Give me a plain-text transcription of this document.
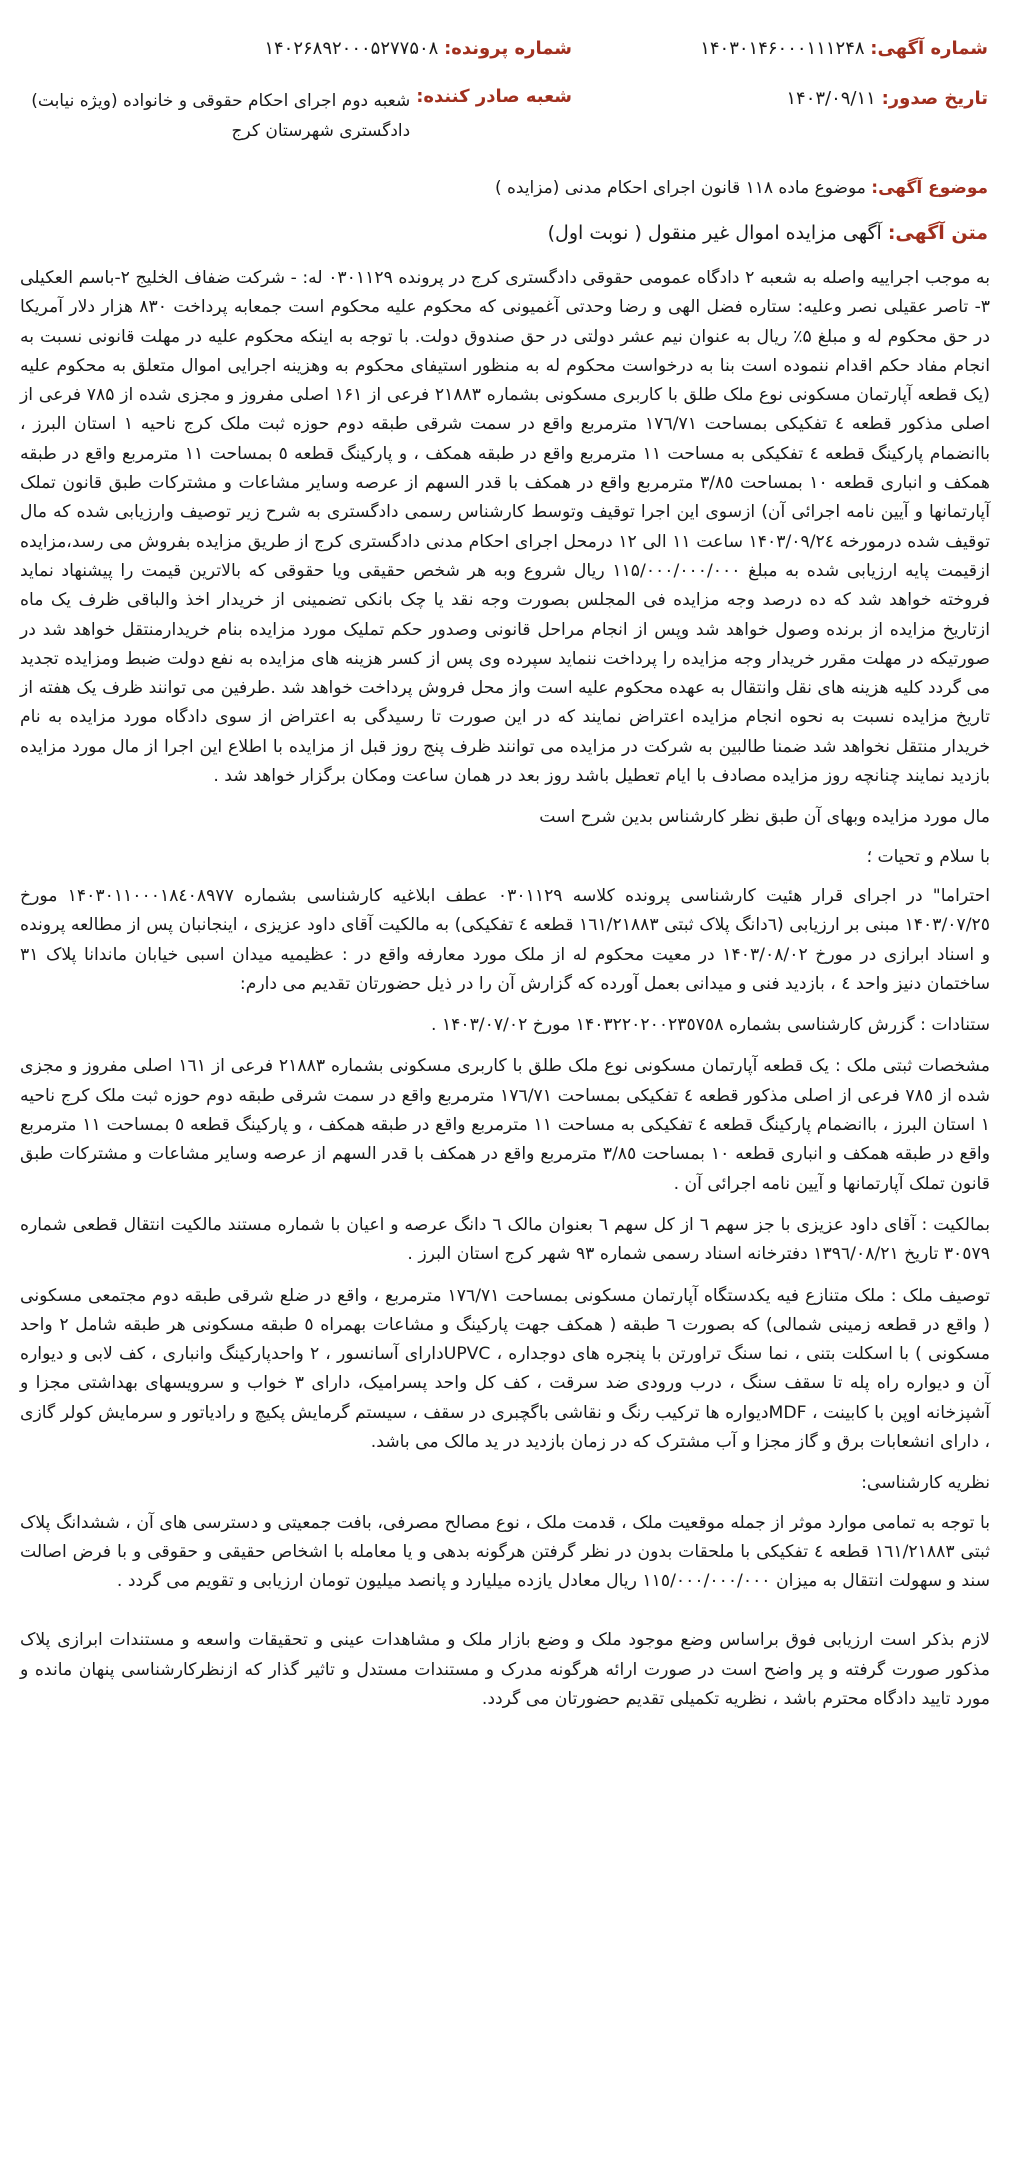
شماره آگهی: ۱۴۰۳۰۱۴۶۰۰۰۱۱۱۲۴۸
شماره پرونده: ۱۴۰۲۶۸۹۲۰۰۰۵۲۷۷۵۰۸
تاریخ صدور: ۱۴۰۳/۰۹/۱۱
شعبه صادر کننده:
شعبه دوم اجرای احکام حقوقی و خانواده (ویژه نیابت)
دادگستری شهرستان کرج
موضوع آگهی: موضوع ماده ۱۱۸ قانون اجرای احکام مدنی (مزایده )
متن آگهی: آگهی مزایده اموال غیر منقول ( نوبت اول)

به موجب اجراییه واصله به شعبه ۲ دادگاه عمومی حقوقی دادگستری کرج در پرونده ۰۳۰۱۱۲۹ له: - شرکت ضفاف الخلیج ۲-باسم العکیلی ۳- تاصر عقیلی نصر وعلیه: ستاره فضل الهی و رضا وحدتی آغمیونی که محکوم علیه محکوم است جمعابه پرداخت ۸۳۰ هزار دلار آمریکا در حق محکوم له و مبلغ ۵٪ ریال به عنوان نیم عشر دولتی در حق صندوق دولت. با توجه به اینکه محکوم علیه در مهلت قانونی نسبت به انجام مفاد حکم اقدام ننموده است بنا به درخواست محکوم له به منظور استیفای محکوم به وهزینه اجرایی اموال متعلق به محکوم علیه (یک قطعه آپارتمان مسکونی نوع ملک طلق با کاربری مسکونی بشماره ۲۱۸۸۳ فرعی از ۱۶۱ اصلی مفروز و مجزی شده از ۷۸۵ فرعی از اصلی مذکور قطعه ٤ تفکیکی بمساحت ۱۷٦/۷۱ مترمربع واقع در سمت شرقی طبقه دوم حوزه ثبت ملک کرج ناحیه ۱ استان البرز ، باانضمام پارکینگ قطعه ٤ تفکیکی به مساحت ۱۱ مترمربع واقع در طبقه همکف ، و پارکینگ قطعه ٥ بمساحت ۱۱ مترمربع واقع در طبقه همکف و انباری قطعه ۱۰ بمساحت ۳/۸٥ مترمربع واقع در همکف با قدر السهم از عرصه وسایر مشاعات و مشترکات طبق قانون تملک آپارتمانها و آیین نامه اجرائی آن) ازسوی این اجرا توقیف وتوسط کارشناس رسمی دادگستری به شرح زیر توصیف وارزیابی شده که مال توقیف شده درمورخه ۱۴۰۳/۰۹/۲٤ ساعت ۱۱ الی ۱۲ درمحل اجرای احکام مدنی دادگستری کرج از طریق مزایده بفروش می رسد،مزایده ازقیمت پایه ارزیابی شده به مبلغ ۱۱۵/۰۰۰/۰۰۰/۰۰۰ ریال شروع وبه هر شخص حقیقی ویا حقوقی که بالاترین قیمت را پیشنهاد نماید فروخته خواهد شد که ده درصد وجه مزایده فی المجلس بصورت وجه نقد یا چک بانکی تضمینی از خریدار اخذ والباقی ظرف یک ماه ازتاریخ مزایده از برنده وصول خواهد شد وپس از انجام مراحل قانونی وصدور حکم تملیک مورد مزایده بنام خریدارمنتقل خواهد شد در صورتیکه در مهلت مقرر خریدار وجه مزایده را پرداخت ننماید سپرده وی پس از کسر هزینه های مزایده به نفع دولت ضبط ومزایده تجدید می گردد کلیه هزینه های نقل وانتقال به عهده محکوم علیه است واز محل فروش پرداخت خواهد شد .طرفین می توانند ظرف یک هفته از تاریخ مزایده نسبت به نحوه انجام مزایده اعتراض نمایند که در این صورت تا رسیدگی به اعتراض از سوی دادگاه مورد مزایده به نام خریدار منتقل نخواهد شد ضمنا طالبین به شرکت در مزایده می توانند ظرف پنج روز قبل از مزایده با اطلاع این اجرا از مال مورد مزایده بازدید نمایند چنانچه روز مزایده مصادف با ایام تعطیل باشد روز بعد در همان ساعت ومکان برگزار خواهد شد .

مال مورد مزایده وبهای آن طبق نظر کارشناس بدین شرح است

با سلام و تحیات ؛

احتراما" در اجرای قرار هئیت کارشناسی پرونده کلاسه ۰۳۰۱۱۲۹ عطف ابلاغیه کارشناسی بشماره ۱۴۰۳۰۱۱۰۰۰۱۸٤۰۸۹۷۷ مورخ ۱۴۰۳/۰۷/۲٥ مبنی بر ارزیابی (٦دانگ پلاک ثبتی ۱٦۱/۲۱۸۸۳ قطعه ٤ تفکیکی) به مالکیت آقای داود عزیزی ، اینجانبان پس از مطالعه پرونده و اسناد ابرازی در مورخ ۱۴۰۳/۰۸/۰۲ در معیت محکوم له از ملک مورد معارفه واقع در : عظیمیه میدان اسبی خیابان ماندانا پلاک ۳۱ ساختمان دنیز واحد ٤ ، بازدید فنی و میدانی بعمل آورده که گزارش آن را در ذیل حضورتان تقدیم می دارم:

ستنادات : گزرش کارشناسی بشماره ۱۴۰۳۲۲۰۲۰۰۲۳٥۷٥۸ مورخ ۱۴۰۳/۰۷/۰۲ .

مشخصات ثبتی ملک : یک قطعه آپارتمان مسکونی نوع ملک طلق با کاربری مسکونی بشماره ۲۱۸۸۳ فرعی از ۱٦۱ اصلی مفروز و مجزی شده از ۷۸٥ فرعی از اصلی مذکور قطعه ٤ تفکیکی بمساحت ۱۷٦/۷۱ مترمربع واقع در سمت شرقی طبقه دوم حوزه ثبت ملک کرج ناحیه ۱ استان البرز ، باانضمام پارکینگ قطعه ٤ تفکیکی به مساحت ۱۱ مترمربع واقع در طبقه همکف ، و پارکینگ قطعه ٥ بمساحت ۱۱ مترمربع واقع در طبقه همکف و انباری قطعه ۱۰ بمساحت ۳/۸٥ مترمربع واقع در همکف با قدر السهم از عرصه وسایر مشاعات و مشترکات طبق قانون تملک آپارتمانها و آیین نامه اجرائی آن .

بمالکیت : آقای داود عزیزی با جز سهم ٦ از کل سهم ٦ بعنوان مالک ٦ دانگ عرصه و اعیان با شماره مستند مالکیت انتقال قطعی شماره ۳۰٥۷۹ تاریخ ۱۳۹٦/۰۸/۲۱ دفترخانه اسناد رسمی شماره ۹۳ شهر کرج استان البرز .

توصیف ملک : ملک متنازع فیه یکدستگاه آپارتمان مسکونی بمساحت ۱۷٦/۷۱ مترمربع ، واقع در ضلع شرقی طبقه دوم مجتمعی مسکونی ( واقع در قطعه زمینی شمالی) که بصورت ٦ طبقه ( همکف جهت پارکینگ و مشاعات بهمراه ٥ طبقه مسکونی هر طبقه شامل ۲ واحد مسکونی ) با اسکلت بتنی ، نما سنگ تراورتن با پنجره های دوجداره ، UPVCدارای آسانسور ، ۲ واحدپارکینگ وانباری ، کف لابی و دیواره آن و دیواره راه پله تا سقف سنگ ، درب ورودی ضد سرقت ، کف کل واحد پسرامیک، دارای ۳ خواب و سرویسهای بهداشتی مجزا و آشپزخانه اوپن با کابینت ، MDFدیواره ها ترکیب رنگ و نقاشی باگچبری در سقف ، سیستم گرمایش پکیچ و رادیاتور و سرمایش کولر گازی ، دارای انشعابات برق و گاز مجزا و آب مشترک که در زمان بازدید در ید مالک می باشد.

نظریه کارشناسی:

با توجه به تمامی موارد موثر از جمله موقعیت ملک ، قدمت ملک ، نوع مصالح مصرفی، بافت جمعیتی و دسترسی های آن ، ششدانگ پلاک ثبتی ۱٦۱/۲۱۸۸۳ قطعه ٤ تفکیکی با ملحقات بدون در نظر گرفتن هرگونه بدهی و یا معامله با اشخاص حقیقی و حقوقی و با فرض اصالت سند و سهولت انتقال به میزان ۱۱٥/۰۰۰/۰۰۰/۰۰۰ ریال معادل یازده میلیارد و پانصد میلیون تومان ارزیابی و تقویم می گردد .

لازم بذکر است ارزیابی فوق براساس وضع موجود ملک و وضع بازار ملک و مشاهدات عینی و تحقیقات واسعه و مستندات ابرازی پلاک مذکور صورت گرفته و پر واضح است در صورت ارائه هرگونه مدرک و مستندات مستدل و تاثیر گذار که ازنظرکارشناسی پنهان مانده و مورد تایید دادگاه محترم باشد ، نظریه تکمیلی تقدیم حضورتان می گردد.
